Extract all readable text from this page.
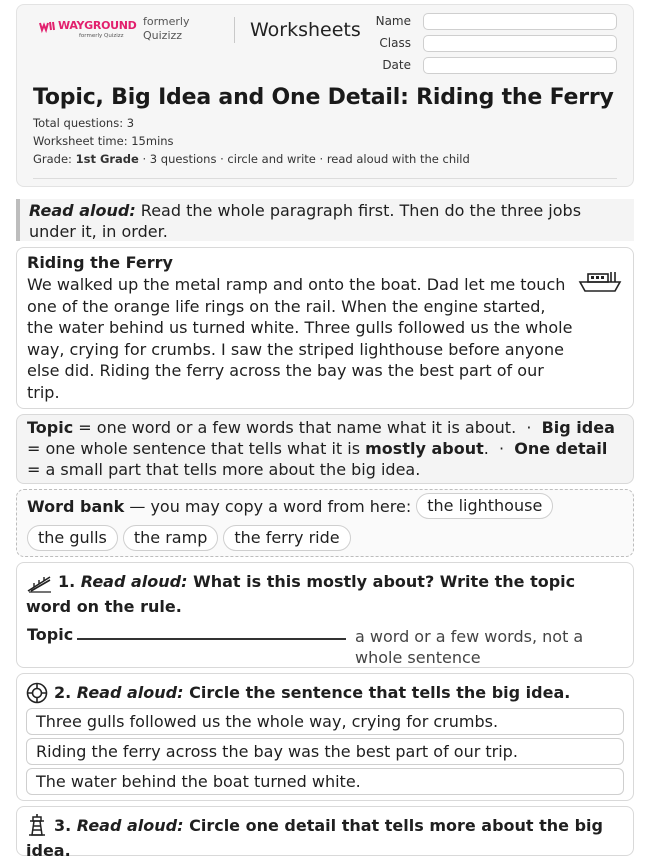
WAYGROUND
formerly Quizizz
formerly
Quizizz	Worksheets	Name
Class
Date
Topic, Big Idea and One Detail: Riding the Ferry
Total questions: 3
Worksheet time: 15mins
Grade: 1st Grade · 3 questions · circle and write · read aloud with the child
Read aloud: Read the whole paragraph first. Then do the three jobs under it, in order.
Riding the Ferry
We walked up the metal ramp and onto the boat. Dad let me touch one of the orange life rings on the rail. When the engine started, the water behind us turned white. Three gulls followed us the whole way, crying for crumbs. I saw the striped lighthouse before anyone else did. Riding the ferry across the bay was the best part of our trip.
Topic = one word or a few words that name what it is about.  ·  Big idea = one whole sentence that tells what it is mostly about.  ·  One detail = a small part that tells more about the big idea.
Word bank — you may copy a word from here:	the lighthouse
the gulls	the ramp	the ferry ride
1. Read aloud: What is this mostly about? Write the topic word on the rule.
Topic	a word or a few words, not a whole sentence
2. Read aloud: Circle the sentence that tells the big idea.
Three gulls followed us the whole way, crying for crumbs.
Riding the ferry across the bay was the best part of our trip.
The water behind the boat turned white.
3. Read aloud: Circle one detail that tells more about the big idea.
